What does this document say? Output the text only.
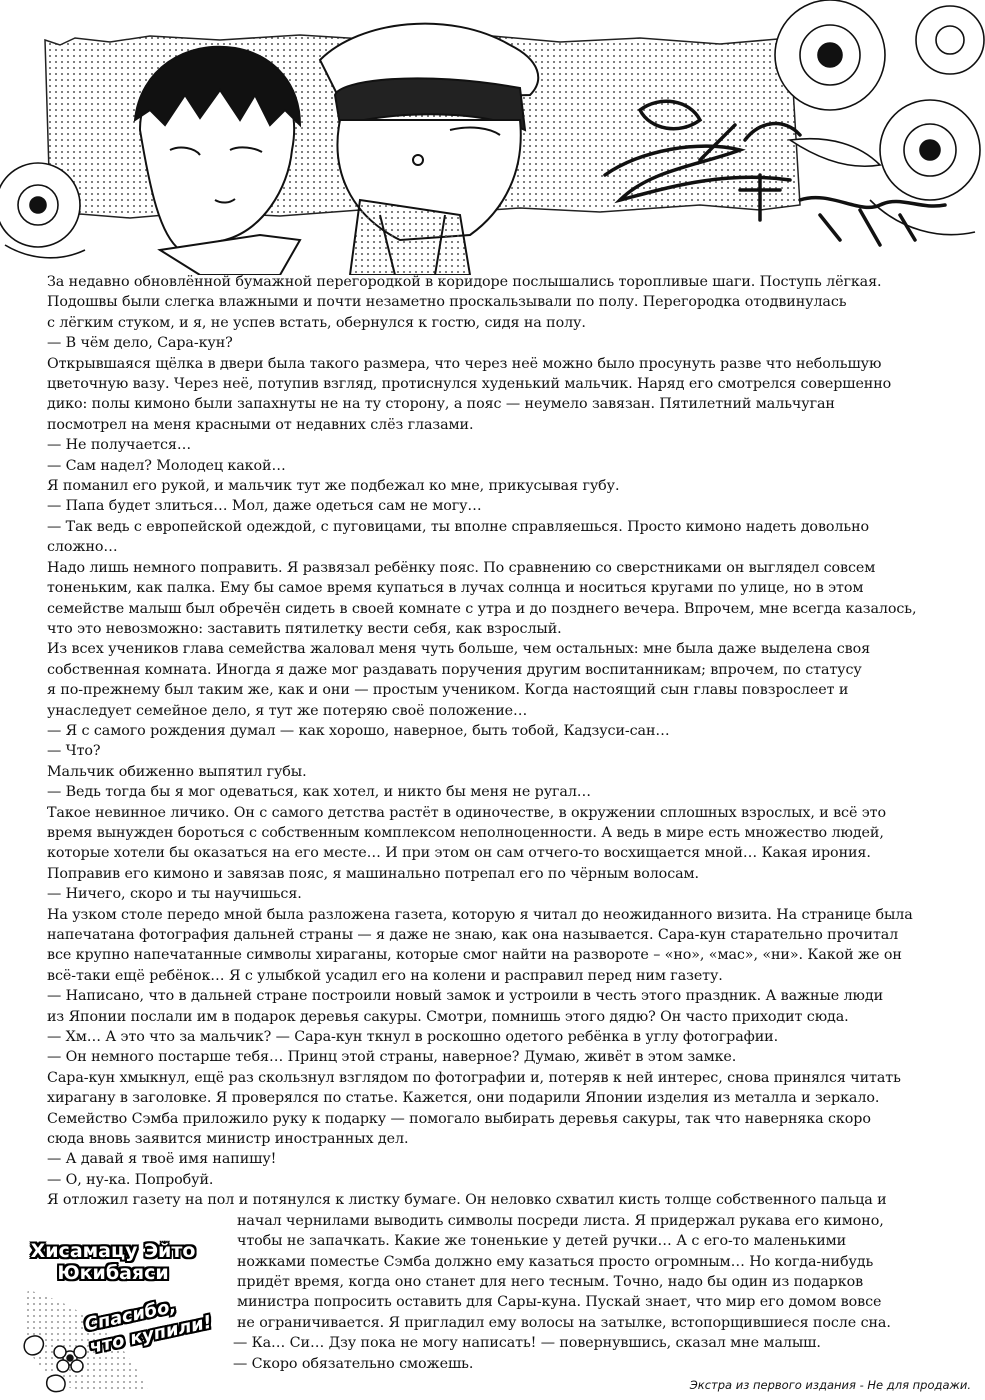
За недавно обновлённой бумажной перегородкой в коридоре послышались торопливые шаги. Поступь лёгкая.

Подошвы были слегка влажными и почти незаметно проскальзывали по полу. Перегородка отодвинулась

с лёгким стуком, и я, не успев встать, обернулся к гостю, сидя на полу.

— В чём дело, Сара-кун?

Открывшаяся щёлка в двери была такого размера, что через неё можно было просунуть разве что небольшую

цветочную вазу. Через неё, потупив взгляд, протиснулся худенький мальчик. Наряд его смотрелся совершенно

дико: полы кимоно были запахнуты не на ту сторону, а пояс — неумело завязан. Пятилетний мальчуган

посмотрел на меня красными от недавних слёз глазами.

— Не получается…

— Сам надел? Молодец какой…

Я поманил его рукой, и мальчик тут же подбежал ко мне, прикусывая губу.

— Папа будет злиться… Мол, даже одеться сам не могу…

— Так ведь с европейской одеждой, с пуговицами, ты вполне справляешься. Просто кимоно надеть довольно

сложно…

Надо лишь немного поправить. Я развязал ребёнку пояс. По сравнению со сверстниками он выглядел совсем

тоненьким, как палка. Ему бы самое время купаться в лучах солнца и носиться кругами по улице, но в этом

семействе малыш был обречён сидеть в своей комнате с утра и до позднего вечера. Впрочем, мне всегда казалось,

что это невозможно: заставить пятилетку вести себя, как взрослый.

Из всех учеников глава семейства жаловал меня чуть больше, чем остальных: мне была даже выделена своя

собственная комната. Иногда я даже мог раздавать поручения другим воспитанникам; впрочем, по статусу

я по-прежнему был таким же, как и они — простым учеником. Когда настоящий сын главы повзрослеет и

унаследует семейное дело, я тут же потеряю своё положение…

— Я с самого рождения думал — как хорошо, наверное, быть тобой, Кадзуси-сан…

— Что?

Мальчик обиженно выпятил губы.

— Ведь тогда бы я мог одеваться, как хотел, и никто бы меня не ругал…

Такое невинное личико. Он с самого детства растёт в одиночестве, в окружении сплошных взрослых, и всё это

время вынужден бороться с собственным комплексом неполноценности. А ведь в мире есть множество людей,

которые хотели бы оказаться на его месте… И при этом он сам отчего-то восхищается мной… Какая ирония.

Поправив его кимоно и завязав пояс, я машинально потрепал его по чёрным волосам.

— Ничего, скоро и ты научишься.

На узком столе передо мной была разложена газета, которую я читал до неожиданного визита. На странице была

напечатана фотография дальней страны — я даже не знаю, как она называется. Сара-кун старательно прочитал

все крупно напечатанные символы хираганы, которые смог найти на развороте – «но», «мас», «ни». Какой же он

всё-таки ещё ребёнок… Я с улыбкой усадил его на колени и расправил перед ним газету.

— Написано, что в дальней стране построили новый замок и устроили в честь этого праздник. А важные люди

из Японии послали им в подарок деревья сакуры. Смотри, помнишь этого дядю? Он часто приходит сюда.

— Хм… А это что за мальчик? — Сара-кун ткнул в роскошно одетого ребёнка в углу фотографии.

— Он немного постарше тебя… Принц этой страны, наверное? Думаю, живёт в этом замке.

Сара-кун хмыкнул, ещё раз скользнул взглядом по фотографии и, потеряв к ней интерес, снова принялся читать

хирагану в заголовке. Я проверялся по статье. Кажется, они подарили Японии изделия из металла и зеркало.

Семейство Сэмба приложило руку к подарку — помогало выбирать деревья сакуры, так что наверняка скоро

сюда вновь заявится министр иностранных дел.

— А давай я твоё имя напишу!

— О, ну-ка. Попробуй.

Я отложил газету на пол и потянулся к листку бумаге. Он неловко схватил кисть толще собственного пальца и

начал чернилами выводить символы посреди листа. Я придержал рукава его кимоно,

чтобы не запачкать. Какие же тоненькие у детей ручки… А с его-то маленькими

ножками поместье Сэмба должно ему казаться просто огромным… Но когда-нибудь

придёт время, когда оно станет для него тесным. Точно, надо бы один из подарков

министра попросить оставить для Сары-куна. Пускай знает, что мир его домом вовсе

не ограничивается. Я пригладил ему волосы на затылке, встопорщившиеся после сна.

— Ка… Си… Дзу пока не могу написать! — повернувшись, сказал мне малыш.

— Скоро обязательно сможешь.

Хисамацу Эйто Юкибаяси
Спасибо, что купили!
Экстра из первого издания - Не для продажи.
